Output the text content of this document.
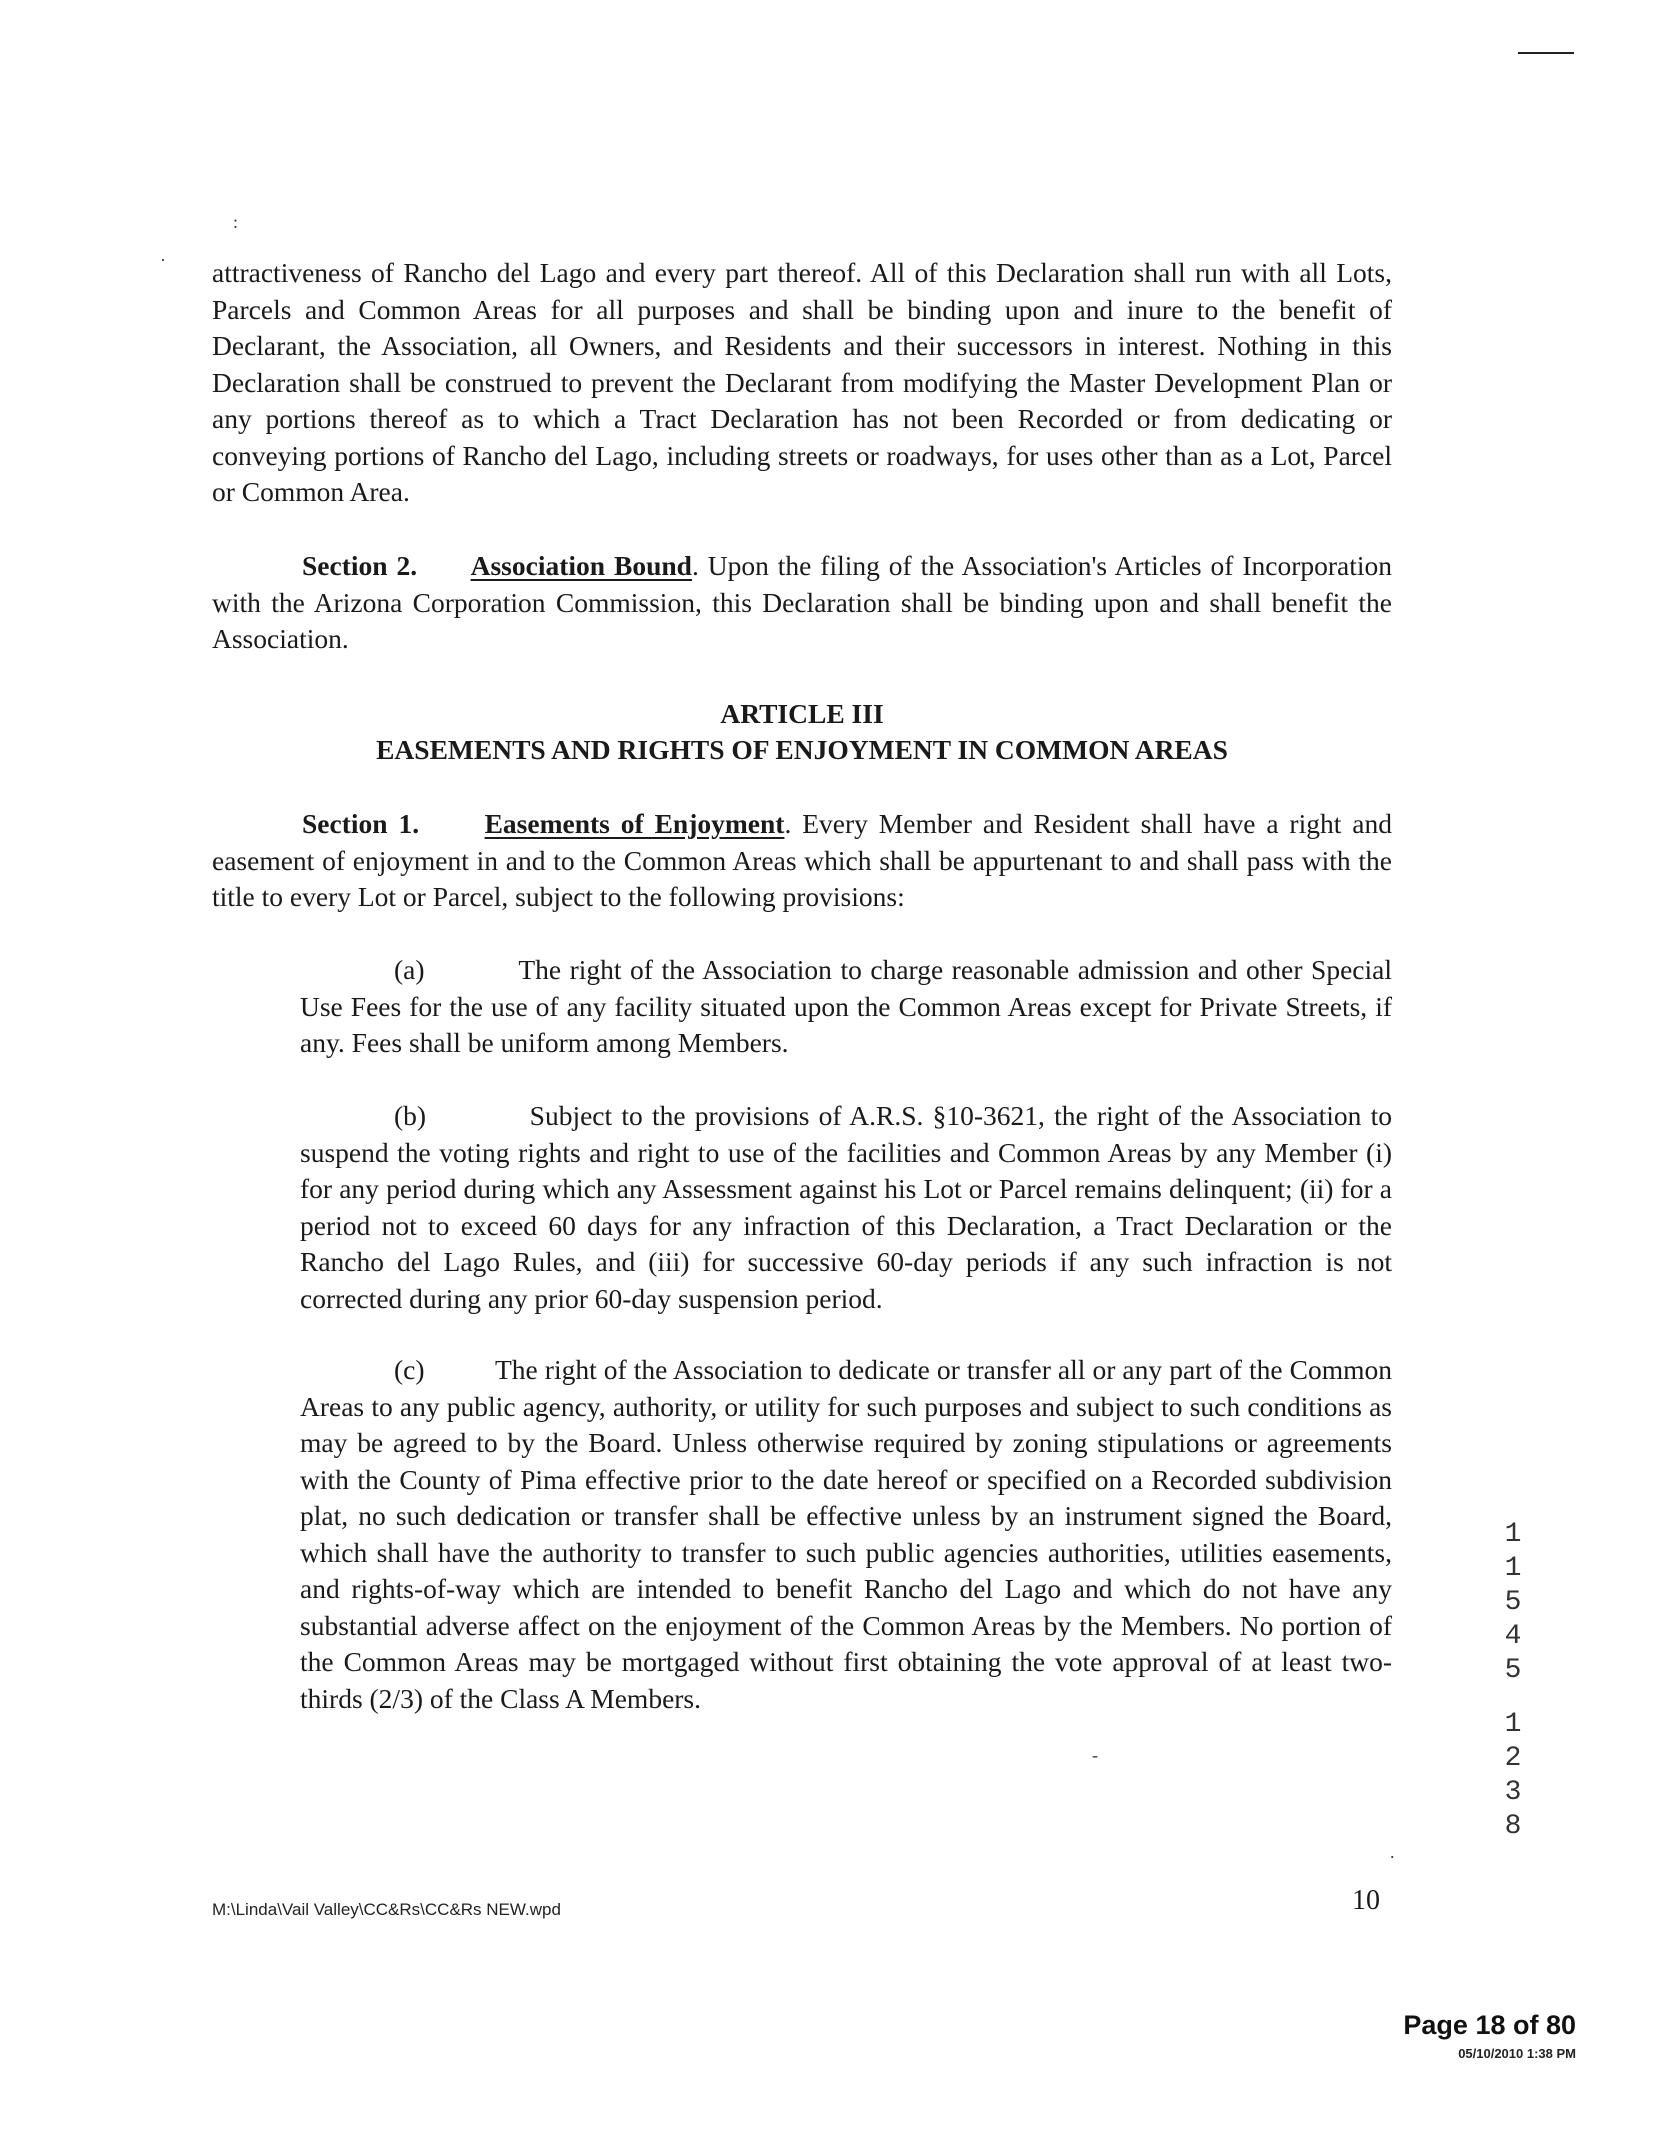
:
· attractiveness of Rancho del Lago and every part thereof. All of this Declaration shall run with all Lots, Parcels and Common Areas for all purposes and shall be binding upon and inure to the benefit of Declarant, the Association, all Owners, and Residents and their successors in interest. Nothing in this Declaration shall be construed to prevent the Declarant from modifying the Master Development Plan or any portions thereof as to which a Tract Declaration has not been Recorded or from dedicating or conveying portions of Rancho del Lago, including streets or roadways, for uses other than as a Lot, Parcel or Common Area.

Section 2. Association Bound. Upon the filing of the Association's Articles of Incorporation with the Arizona Corporation Commission, this Declaration shall be binding upon and shall benefit the Association.

ARTICLE III
EASEMENTS AND RIGHTS OF ENJOYMENT IN COMMON AREAS

Section 1. Easements of Enjoyment. Every Member and Resident shall have a right and easement of enjoyment in and to the Common Areas which shall be appurtenant to and shall pass with the title to every Lot or Parcel, subject to the following provisions:

(a)	The right of the Association to charge reasonable admission and other Special Use Fees for the use of any facility situated upon the Common Areas except for Private Streets, if any. Fees shall be uniform among Members.

(b)	Subject to the provisions of A.R.S. §10-3621, the right of the Association to suspend the voting rights and right to use of the facilities and Common Areas by any Member (i) for any period during which any Assessment against his Lot or Parcel remains delinquent; (ii) for a period not to exceed 60 days for any infraction of this Declaration, a Tract Declaration or the Rancho del Lago Rules, and (iii) for successive 60-day periods if any such infraction is not corrected during any prior 60-day suspension period.

(c)	The right of the Association to dedicate or transfer all or any part of the Common Areas to any public agency, authority, or utility for such purposes and subject to such conditions as may be agreed to by the Board. Unless otherwise required by zoning stipulations or agreements with the County of Pima effective prior to the date hereof or specified on a Recorded subdivision plat, no such dedication or transfer shall be effective unless by an instrument signed the Board, which shall have the authority to transfer to such public agencies authorities, utilities easements, and rights-of-way which are intended to benefit Rancho del Lago and which do not have any substantial adverse affect on the enjoyment of the Common Areas by the Members. No portion of the Common Areas may be mortgaged without first obtaining the vote approval of at least two-thirds (2/3) of the Class A Members.

-
.
1
1
5
4
5
1
2
3
8
M:\Linda\Vail Valley\CC&Rs\CC&Rs NEW.wpd	10
Page 18 of 80
05/10/2010 1:38 PM
